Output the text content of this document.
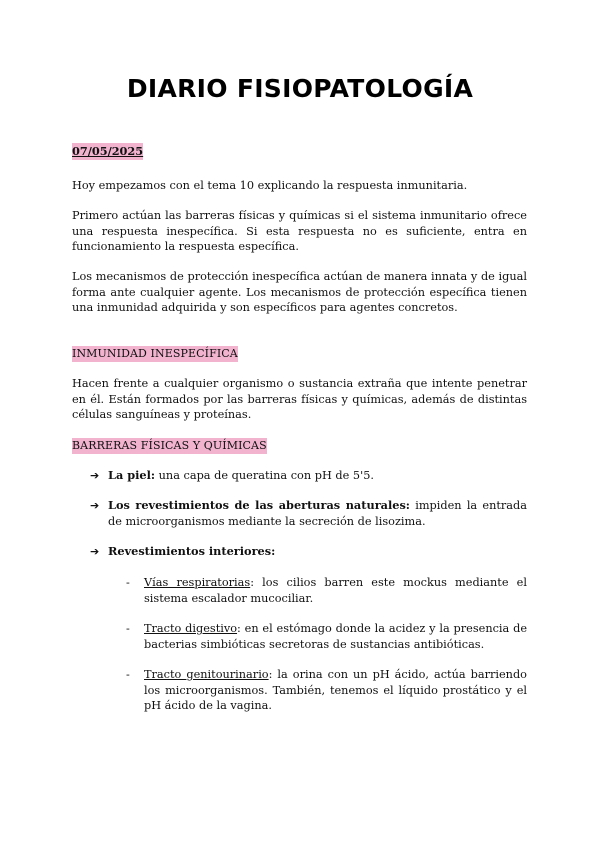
DIARIO FISIOPATOLOGÍA

07/05/2025

Hoy empezamos con el tema 10 explicando la respuesta inmunitaria.

Primero actúan las barreras físicas y químicas si el sistema inmunitario ofrece una respuesta inespecífica. Si esta respuesta no es suficiente, entra en funcionamiento la respuesta específica.

Los mecanismos de protección inespecífica actúan de manera innata y de igual forma ante cualquier agente. Los mecanismos de protección específica tienen una inmunidad adquirida y son específicos para agentes concretos.

INMUNIDAD INESPECÍFICA

Hacen frente a cualquier organismo o sustancia extraña que intente penetrar en él. Están formados por las barreras físicas y químicas, además de distintas células sanguíneas y proteínas.

BARRERAS FÍSICAS Y QUÍMICAS

➔ La piel: una capa de queratina con pH de 5'5.
➔ Los revestimientos de las aberturas naturales: impiden la entrada de microorganismos mediante la secreción de lisozima.
➔ Revestimientos interiores:
- Vías respiratorias: los cilios barren este mockus mediante el sistema escalador mucociliar.
- Tracto digestivo: en el estómago donde la acidez y la presencia de bacterias simbióticas secretoras de sustancias antibióticas.
- Tracto genitourinario: la orina con un pH ácido, actúa barriendo los microorganismos. También, tenemos el líquido prostático y el pH ácido de la vagina.
